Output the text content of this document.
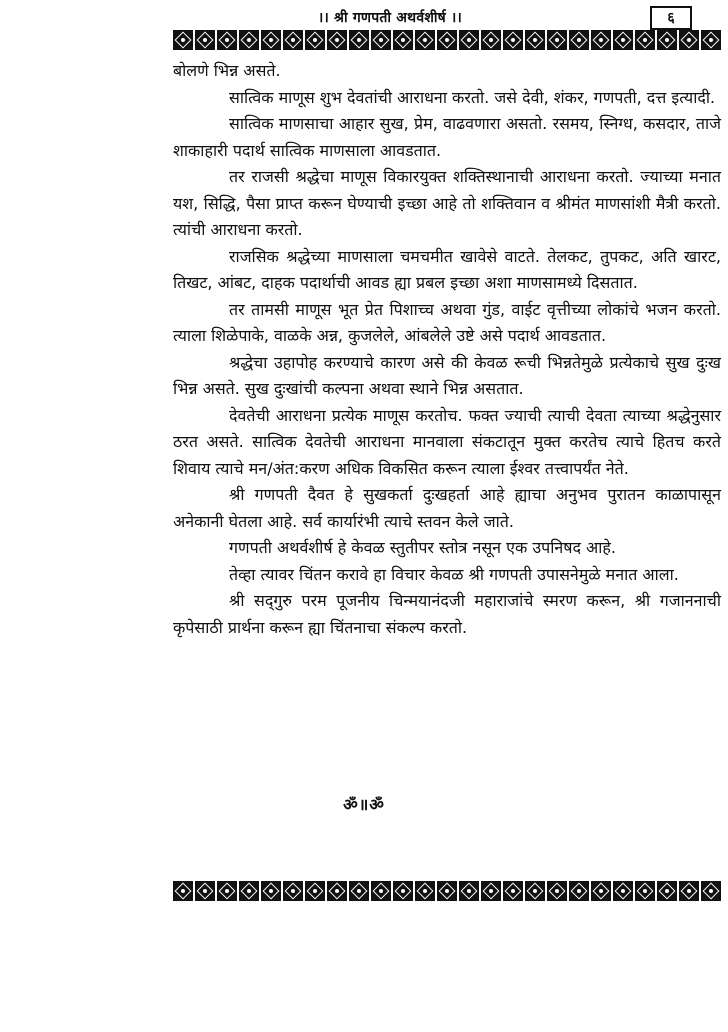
।। श्री गणपती अथर्वशीर्ष ।।	६

बोलणे भिन्न असते.

सात्विक माणूस शुभ देवतांची आराधना करतो. जसे देवी, शंकर, गणपती, दत्त इत्यादी.

सात्विक माणसाचा आहार सुख, प्रेम, वाढवणारा असतो. रसमय, स्निग्ध, कसदार, ताजे शाकाहारी पदार्थ सात्विक माणसाला आवडतात.

तर राजसी श्रद्धेचा माणूस विकारयुक्त शक्तिस्थानाची आराधना करतो. ज्याच्या मनात यश, सिद्धि, पैसा प्राप्त करून घेण्याची इच्छा आहे तो शक्तिवान व श्रीमंत माणसांशी मैत्री करतो. त्यांची आराधना करतो.

राजसिक श्रद्धेच्या माणसाला चमचमीत खावेसे वाटते. तेलकट, तुपकट, अति खारट, तिखट, आंबट, दाहक पदार्थाची आवड ह्या प्रबल इच्छा अशा माणसामध्ये दिसतात.

तर तामसी माणूस भूत प्रेत पिशाच्च अथवा गुंड, वाईट वृत्तीच्या लोकांचे भजन करतो. त्याला शिळेपाके, वाळके अन्न, कुजलेले, आंबलेले उष्टे असे पदार्थ आवडतात.

श्रद्धेचा उहापोह करण्याचे कारण असे की केवळ रूची भिन्नतेमुळे प्रत्येकाचे सुख दुःख भिन्न असते. सुख दुःखांची कल्पना अथवा स्थाने भिन्न असतात.

देवतेची आराधना प्रत्येक माणूस करतोच. फक्त ज्याची त्याची देवता त्याच्या श्रद्धेनुसार ठरत असते. सात्विक देवतेची आराधना मानवाला संकटातून मुक्त करतेच त्याचे हितच करते शिवाय त्याचे मन/अंत:करण अधिक विकसित करून त्याला ईश्वर तत्त्वापर्यंत नेते.

श्री गणपती दैवत हे सुखकर्ता दुःखहर्ता आहे ह्याचा अनुभव पुरातन काळापासून अनेकानी घेतला आहे. सर्व कार्यारंभी त्याचे स्तवन केले जाते.

गणपती अथर्वशीर्ष हे केवळ स्तुतीपर स्तोत्र नसून एक उपनिषद आहे.

तेव्हा त्यावर चिंतन करावे हा विचार केवळ श्री गणपती उपासनेमुळे मनात आला.

श्री सद्‌गुरु परम पूजनीय चिन्मयानंदजी महाराजांचे स्मरण करून, श्री गजाननाची कृपेसाठी प्रार्थना करून ह्या चिंतनाचा संकल्प करतो.

ॐ॥ॐ
